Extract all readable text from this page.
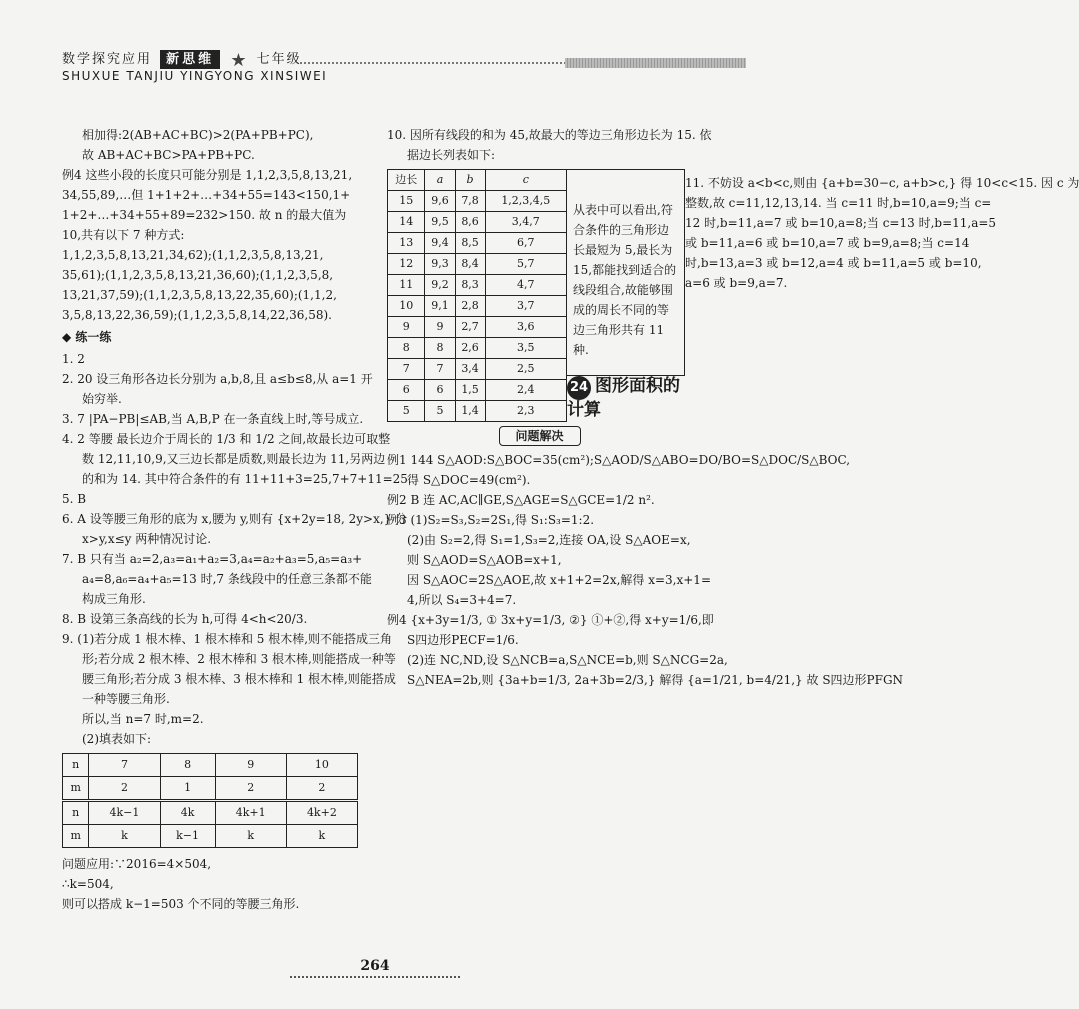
数学探究应用 新思维 ★ 七年级
SHUXUE TANJIU YINGYONG XINSIWEI

相加得:2(AB+AC+BC)>2(PA+PB+PC),

故 AB+AC+BC>PA+PB+PC.

例4 这些小段的长度只可能分别是 1,1,2,3,5,8,13,21,

34,55,89,…但 1+1+2+…+34+55=143<150,1+

1+2+…+34+55+89=232>150. 故 n 的最大值为

10,共有以下 7 种方式:

1,1,2,3,5,8,13,21,34,62);(1,1,2,3,5,8,13,21,

35,61);(1,1,2,3,5,8,13,21,36,60);(1,1,2,3,5,8,

13,21,37,59);(1,1,2,3,5,8,13,22,35,60);(1,1,2,

3,5,8,13,22,36,59);(1,1,2,3,5,8,14,22,36,58).

◆ 练一练

1. 2

2. 20 设三角形各边长分别为 a,b,8,且 a≤b≤8,从 a=1 开

始穷举.

3. 7 |PA−PB|≤AB,当 A,B,P 在一条直线上时,等号成立.

4. 2 等腰 最长边介于周长的 1/3 和 1/2 之间,故最长边可取整

数 12,11,10,9,又三边长都是质数,则最长边为 11,另两边

的和为 14. 其中符合条件的有 11+11+3=25,7+7+11=25.

5. B

6. A 设等腰三角形的底为 x,腰为 y,则有 {x+2y=18, 2y>x,} 分

x>y,x≤y 两种情况讨论.

7. B 只有当 a₂=2,a₃=a₁+a₂=3,a₄=a₂+a₃=5,a₅=a₃+

a₄=8,a₆=a₄+a₅=13 时,7 条线段中的任意三条都不能

构成三角形.

8. B 设第三条高线的长为 h,可得 4<h<20/3.

9. (1)若分成 1 根木棒、1 根木棒和 5 根木棒,则不能搭成三角

形;若分成 2 根木棒、2 根木棒和 3 根木棒,则能搭成一种等

腰三角形;若分成 3 根木棒、3 根木棒和 1 根木棒,则能搭成

一种等腰三角形.

所以,当 n=7 时,m=2.

(2)填表如下:

n	7	8	9	10
m	2	1	2	2
n	4k−1	4k	4k+1	4k+2
m	k	k−1	k	k

问题应用:∵2016=4×504,

∴k=504,

则可以搭成 k−1=503 个不同的等腰三角形.

10. 因所有线段的和为 45,故最大的等边三角形边长为 15. 依

据边长列表如下:

边长	a	b	c
15	9,6	7,8	1,2,3,4,5
14	9,5	8,6	3,4,7
13	9,4	8,5	6,7
12	9,3	8,4	5,7
11	9,2	8,3	4,7
10	9,1	2,8	3,7
9	9	2,7	3,6
8	8	2,6	3,5
7	7	3,4	2,5
6	6	1,5	2,4
5	5	1,4	2,3
从表中可以看出,符合条件的三角形边长最短为 5,最长为 15,都能找到适合的线段组合,故能够围成的周长不同的等边三角形共有 11 种.

11. 不妨设 a<b<c,则由 {a+b=30−c, a+b>c,} 得 10<c<15. 因 c 为

整数,故 c=11,12,13,14. 当 c=11 时,b=10,a=9;当 c=

12 时,b=11,a=7 或 b=10,a=8;当 c=13 时,b=11,a=5

或 b=11,a=6 或 b=10,a=7 或 b=9,a=8;当 c=14

时,b=13,a=3 或 b=12,a=4 或 b=11,a=5 或 b=10,

a=6 或 b=9,a=7.

24 图形面积的计算
问题解决

例1 144 S△AOD:S△BOC=35(cm²);S△AOD/S△ABO=DO/BO=S△DOC/S△BOC,

得 S△DOC=49(cm²).

例2 B 连 AC,AC∥GE,S△AGE=S△GCE=1/2 n².

例3 (1)S₂=S₃,S₂=2S₁,得 S₁:S₃=1:2.

(2)由 S₂=2,得 S₁=1,S₃=2,连接 OA,设 S△AOE=x,

则 S△AOD=S△AOB=x+1,

因 S△AOC=2S△AOE,故 x+1+2=2x,解得 x=3,x+1=

4,所以 S₄=3+4=7.

例4 {x+3y=1/3, ① 3x+y=1/3, ②} ①+②,得 x+y=1/6,即

S四边形PECF=1/6.

(2)连 NC,ND,设 S△NCB=a,S△NCE=b,则 S△NCG=2a,

S△NEA=2b,则 {3a+b=1/3, 2a+3b=2/3,} 解得 {a=1/21, b=4/21,} 故 S四边形PFGN

264
